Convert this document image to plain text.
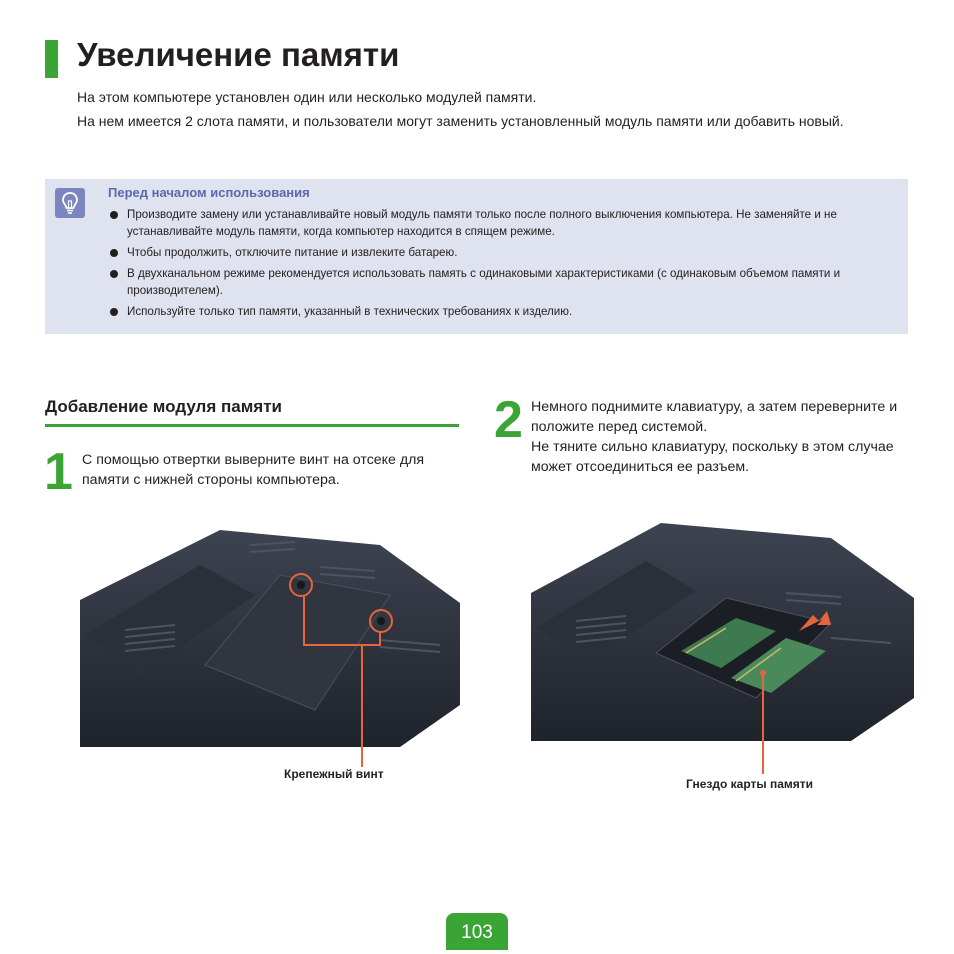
Увеличение памяти

На этом компьютере установлен один или несколько модулей памяти.

На нем имеется 2 слота памяти, и пользователи могут заменить установленный модуль памяти или добавить новый.

Перед началом использования
Производите замену или устанавливайте новый модуль памяти только после полного выключения компьютера. Не заменяйте и не устанавливайте модуль памяти, когда компьютер находится в спящем режиме.
Чтобы продолжить, отключите питание и извлеките батарею.
В двухканальном режиме рекомендуется использовать память с одинаковыми характеристиками (с одинаковым объемом памяти и производителем).
Используйте только тип памяти, указанный в технических требованиях к изделию.
Добавление модуля памяти
1 С помощью отвертки выверните винт на отсеке для памяти с нижней стороны компьютера.

Крепежный винт
2 Немного поднимите клавиатуру, а затем переверните и положите перед системой.

Не тяните сильно клавиатуру, поскольку в этом случае может отсоединиться ее разъем.

Гнездо карты памяти
103
